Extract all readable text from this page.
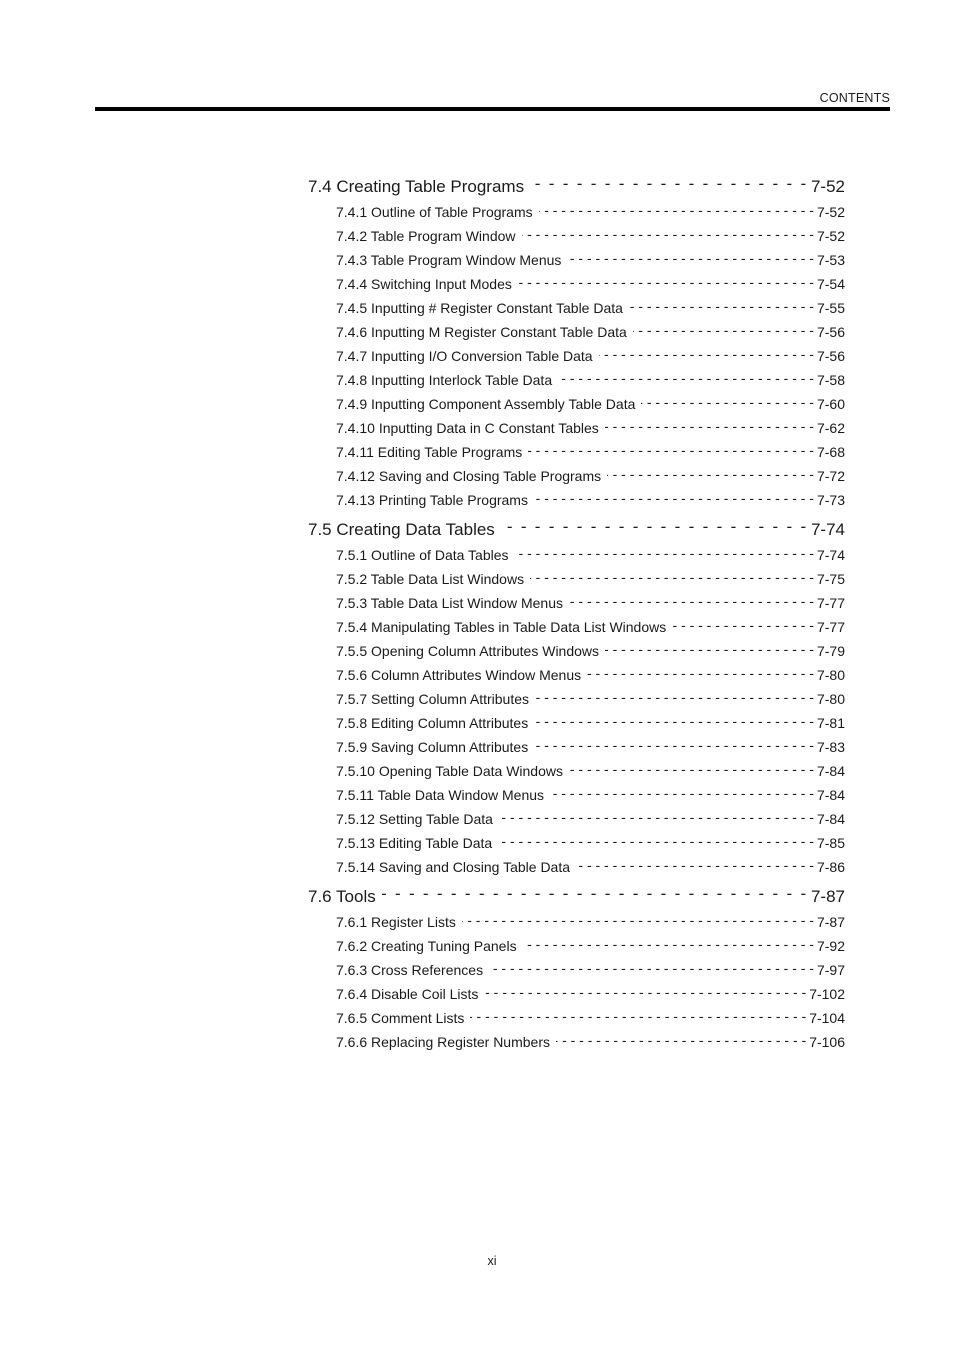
CONTENTS
7.4 Creating Table Programs - - -	7-52
7.4.1 Outline of Table Programs - - -	7-52
7.4.2 Table Program Window - - -	7-52
7.4.3 Table Program Window Menus - - -	7-53
7.4.4 Switching Input Modes - - -	7-54
7.4.5 Inputting # Register Constant Table Data - - -	7-55
7.4.6 Inputting M Register Constant Table Data - - -	7-56
7.4.7 Inputting I/O Conversion Table Data - - -	7-56
7.4.8 Inputting Interlock Table Data - - -	7-58
7.4.9 Inputting Component Assembly Table Data - - -	7-60
7.4.10 Inputting Data in C Constant Tables - - -	7-62
7.4.11 Editing Table Programs - - -	7-68
7.4.12 Saving and Closing Table Programs - - -	7-72
7.4.13 Printing Table Programs - - -	7-73
7.5 Creating Data Tables - - -	7-74
7.5.1 Outline of Data Tables - - -	7-74
7.5.2 Table Data List Windows - - -	7-75
7.5.3 Table Data List Window Menus - - -	7-77
7.5.4 Manipulating Tables in Table Data List Windows - - -	7-77
7.5.5 Opening Column Attributes Windows - - -	7-79
7.5.6 Column Attributes Window Menus - - -	7-80
7.5.7 Setting Column Attributes - - -	7-80
7.5.8 Editing Column Attributes - - -	7-81
7.5.9 Saving Column Attributes - - -	7-83
7.5.10 Opening Table Data Windows - - -	7-84
7.5.11 Table Data Window Menus - - -	7-84
7.5.12 Setting Table Data - - -	7-84
7.5.13 Editing Table Data - - -	7-85
7.5.14 Saving and Closing Table Data - - -	7-86
7.6 Tools - - -	7-87
7.6.1 Register Lists - - -	7-87
7.6.2 Creating Tuning Panels - - -	7-92
7.6.3 Cross References - - -	7-97
7.6.4 Disable Coil Lists - - -	7-102
7.6.5 Comment Lists - - -	7-104
7.6.6 Replacing Register Numbers - - -	7-106
xi
